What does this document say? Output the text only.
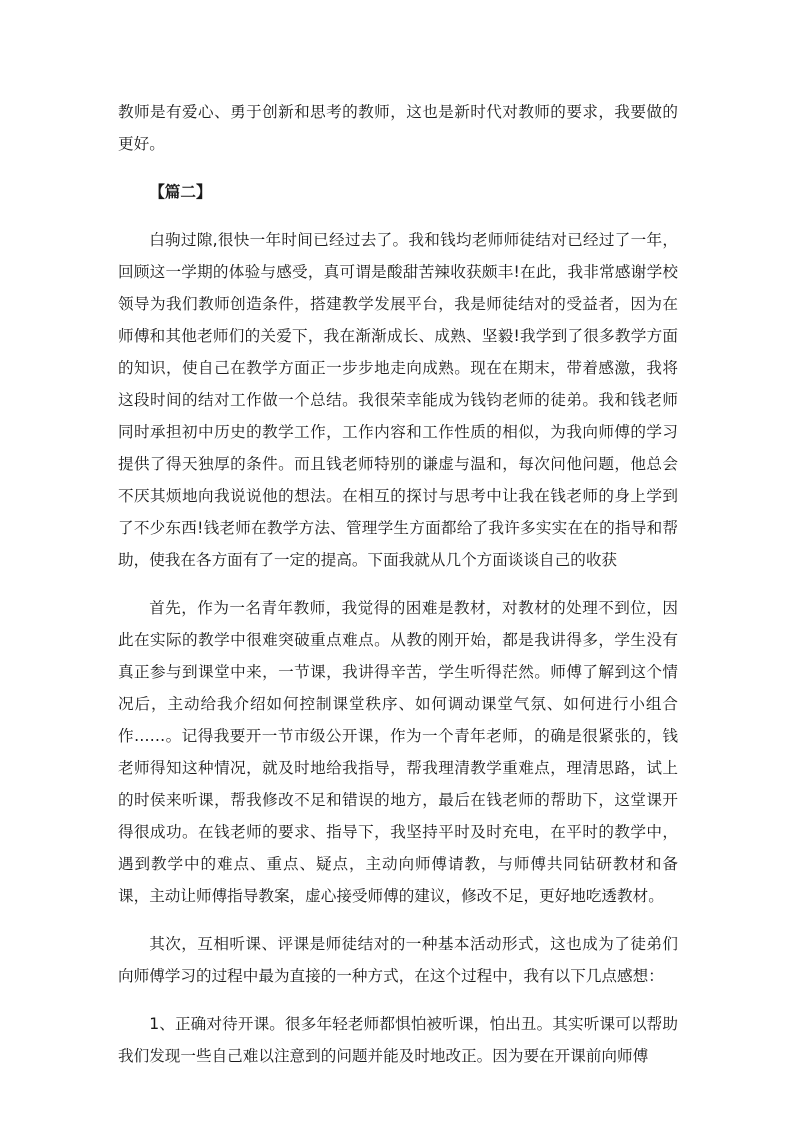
教师是有爱心、勇于创新和思考的教师，这也是新时代对教师的要求，我要做的更好。

【篇二】

白驹过隙,很快一年时间已经过去了。我和钱均老师师徒结对已经过了一年，回顾这一学期的体验与感受，真可谓是酸甜苦辣收获颇丰!在此，我非常感谢学校领导为我们教师创造条件，搭建教学发展平台，我是师徒结对的受益者，因为在师傅和其他老师们的关爱下，我在渐渐成长、成熟、坚毅!我学到了很多教学方面的知识，使自己在教学方面正一步步地走向成熟。现在在期末，带着感激，我将这段时间的结对工作做一个总结。我很荣幸能成为钱钧老师的徒弟。我和钱老师同时承担初中历史的教学工作，工作内容和工作性质的相似，为我向师傅的学习提供了得天独厚的条件。而且钱老师特别的谦虚与温和，每次问他问题，他总会不厌其烦地向我说说他的想法。在相互的探讨与思考中让我在钱老师的身上学到了不少东西!钱老师在教学方法、管理学生方面都给了我许多实实在在的指导和帮助，使我在各方面有了一定的提高。下面我就从几个方面谈谈自己的收获

首先，作为一名青年教师，我觉得的困难是教材，对教材的处理不到位，因此在实际的教学中很难突破重点难点。从教的刚开始，都是我讲得多，学生没有真正参与到课堂中来，一节课，我讲得辛苦，学生听得茫然。师傅了解到这个情况后，主动给我介绍如何控制课堂秩序、如何调动课堂气氛、如何进行小组合作……。记得我要开一节市级公开课，作为一个青年老师，的确是很紧张的，钱老师得知这种情况，就及时地给我指导，帮我理清教学重难点，理清思路，试上的时侯来听课，帮我修改不足和错误的地方，最后在钱老师的帮助下，这堂课开得很成功。在钱老师的要求、指导下，我坚持平时及时充电，在平时的教学中，遇到教学中的难点、重点、疑点，主动向师傅请教，与师傅共同钻研教材和备课，主动让师傅指导教案，虚心接受师傅的建议，修改不足，更好地吃透教材。

其次，互相听课、评课是师徒结对的一种基本活动形式，这也成为了徒弟们向师傅学习的过程中最为直接的一种方式，在这个过程中，我有以下几点感想：

1、正确对待开课。很多年轻老师都惧怕被听课，怕出丑。其实听课可以帮助我们发现一些自己难以注意到的问题并能及时地改正。因为要在开课前向师傅
